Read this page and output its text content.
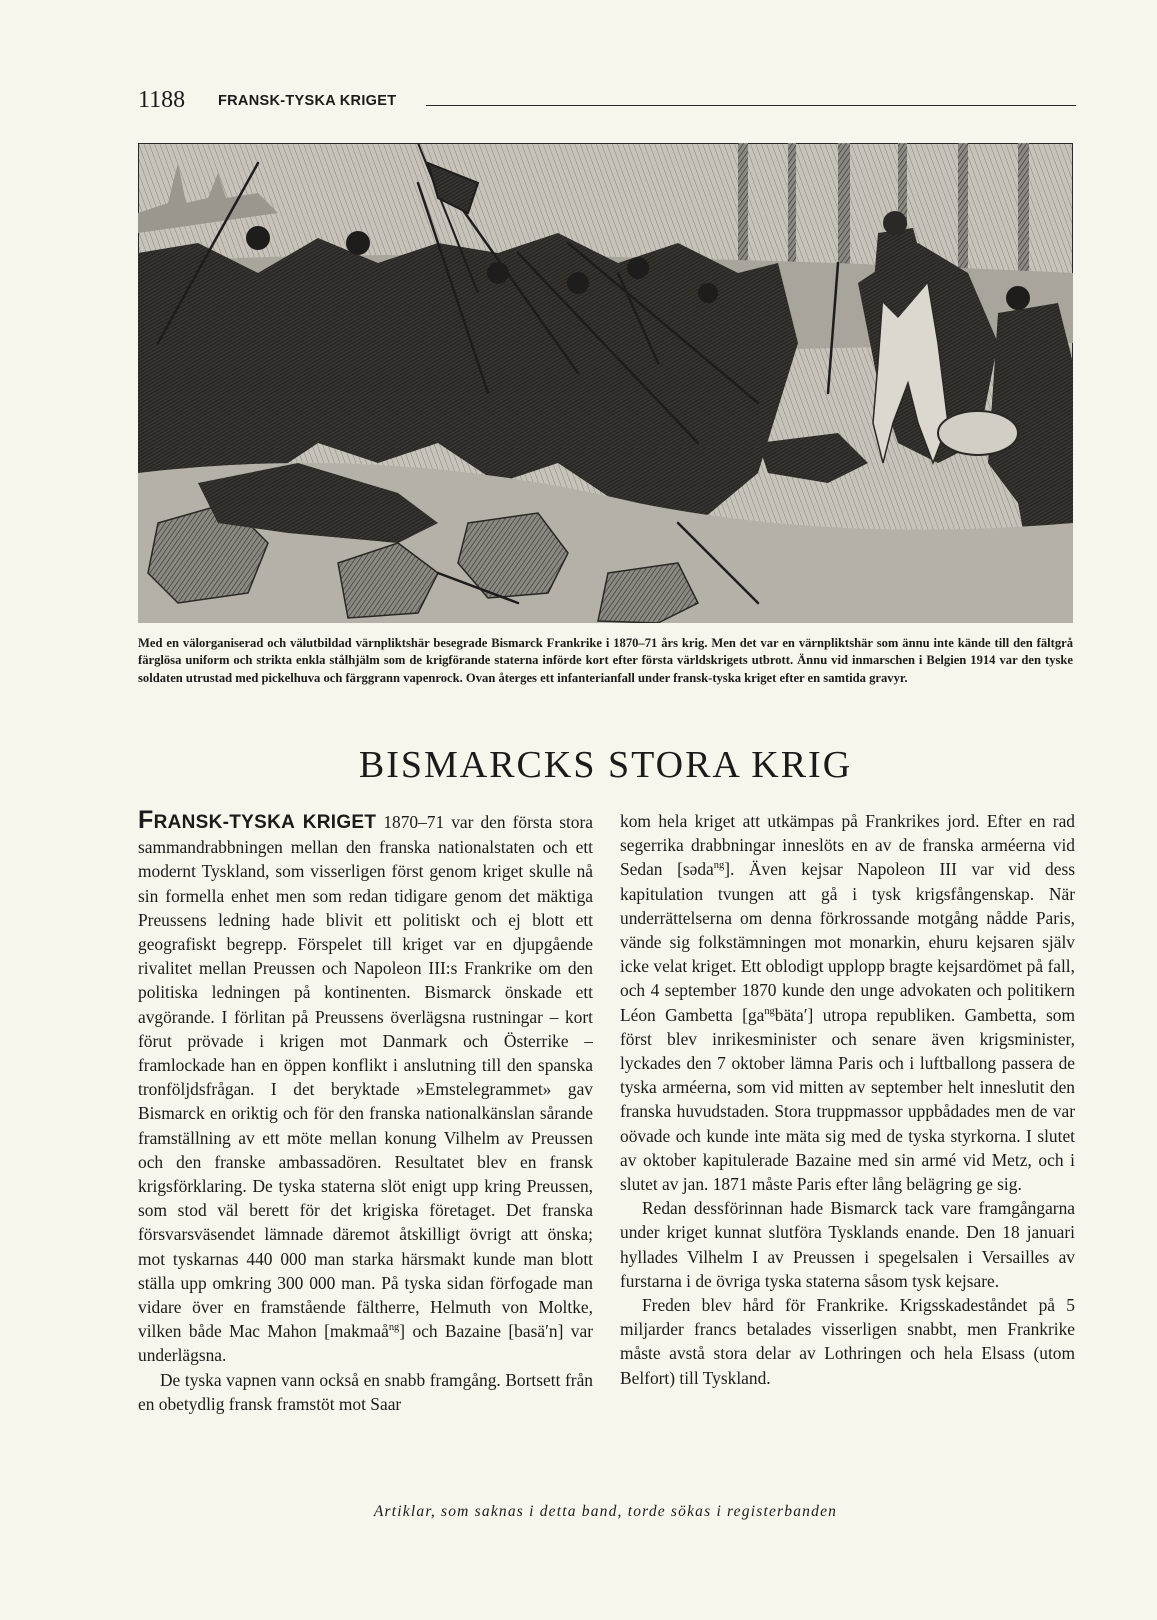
1188 FRANSK-TYSKA KRIGET

Med en välorganiserad och välutbildad värnpliktshär besegrade Bismarck Frankrike i 1870–71 års krig. Men det var en värnpliktshär som ännu inte kände till den fältgrå färglösa uniform och strikta enkla stålhjälm som de krigförande staterna införde kort efter första världskrigets utbrott. Ännu vid inmarschen i Belgien 1914 var den tyske soldaten utrustad med pickelhuva och färggrann vapenrock. Ovan återges ett infanterianfall under fransk-tyska kriget efter en samtida gravyr.

BISMARCKS STORA KRIG

FRANSK-TYSKA KRIGET 1870–71 var den första stora sammandrabbningen mellan den franska nationalstaten och ett modernt Tyskland, som visserligen först genom kriget skulle nå sin formella enhet men som redan tidigare genom det mäktiga Preussens ledning hade blivit ett politiskt och ej blott ett geografiskt begrepp. Förspelet till kriget var en djupgående rivalitet mellan Preussen och Napoleon III:s Frankrike om den politiska ledningen på kontinenten. Bismarck önskade ett avgörande. I förlitan på Preussens överlägsna rustningar – kort förut prövade i krigen mot Danmark och Österrike – framlockade han en öppen konflikt i anslutning till den spanska tronföljdsfrågan. I det beryktade »Emstelegrammet» gav Bismarck en oriktig och för den franska nationalkänslan sårande framställning av ett möte mellan konung Vilhelm av Preussen och den franske ambassadören. Resultatet blev en fransk krigsförklaring. De tyska staterna slöt enigt upp kring Preussen, som stod väl berett för det krigiska företaget. Det franska försvarsväsendet lämnade däremot åtskilligt övrigt att önska; mot tyskarnas 440 000 man starka härsmakt kunde man blott ställa upp omkring 300 000 man. På tyska sidan förfogade man vidare över en framstående fältherre, Helmuth von Moltke, vilken både Mac Mahon [makmaå$^{ng}$] och Bazaine [basä′n] var underlägsna.

De tyska vapnen vann också en snabb framgång. Bortsett från en obetydlig fransk framstöt mot Saar

kom hela kriget att utkämpas på Frankrikes jord. Efter en rad segerrika drabbningar inneslöts en av de franska arméerna vid Sedan [sәda$^{ng}$]. Även kejsar Napoleon III var vid dess kapitulation tvungen att gå i tysk krigsfångenskap. När underrättelserna om denna förkrossande motgång nådde Paris, vände sig folkstämningen mot monarkin, ehuru kejsaren själv icke velat kriget. Ett oblodigt upplopp bragte kejsardömet på fall, och 4 september 1870 kunde den unge advokaten och politikern Léon Gambetta $[ga^{ng}bäta']$ utropa republiken. Gambetta, som först blev inrikesminister och senare även krigsminister, lyckades den 7 oktober lämna Paris och i luftballong passera de tyska arméerna, som vid mitten av september helt inneslutit den franska huvudstaden. Stora truppmassor uppbådades men de var oövade och kunde inte mäta sig med de tyska styrkorna. I slutet av oktober kapitulerade Bazaine med sin armé vid Metz, och i slutet av jan. 1871 måste Paris efter lång belägring ge sig.

Redan dessförinnan hade Bismarck tack vare framgångarna under kriget kunnat slutföra Tysklands enande. Den 18 januari hyllades Vilhelm I av Preussen i spegelsalen i Versailles av furstarna i de övriga tyska staterna såsom tysk kejsare.

Freden blev hård för Frankrike. Krigsskadeståndet på 5 miljarder francs betalades visserligen snabbt, men Frankrike måste avstå stora delar av Lothringen och hela Elsass (utom Belfort) till Tyskland.

Artiklar, som saknas i detta band, torde sökas i registerbanden
